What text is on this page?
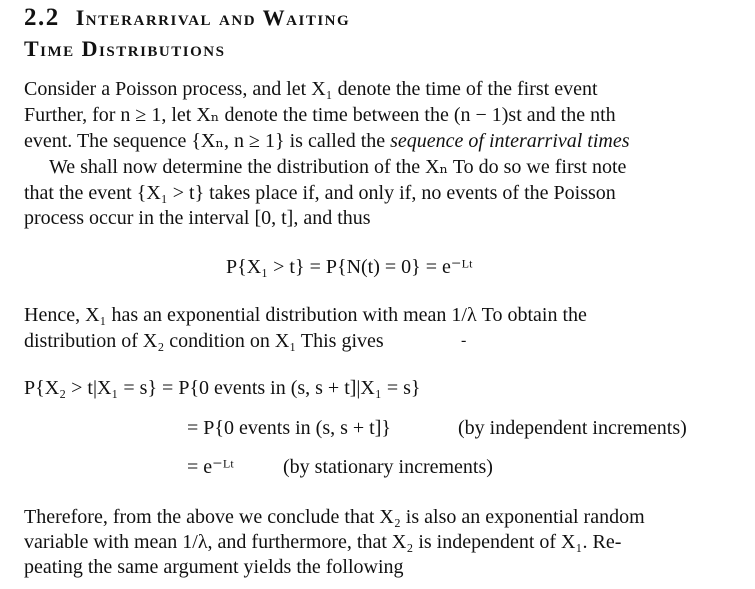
2.2 Interarrival and Waiting
Time Distributions
Consider a Poisson process, and let X₁ denote the time of the first event
Further, for n ≥ 1, let Xₙ denote the time between the (n − 1)st and the nth
event. The sequence {Xₙ, n ≥ 1} is called the sequence of interarrival times
We shall now determine the distribution of the Xₙ To do so we first note
that the event {X₁ > t} takes place if, and only if, no events of the Poisson
process occur in the interval [0, t], and thus
P{X₁ > t} = P{N(t) = 0} = e⁻ᴸᵗ
Hence, X₁ has an exponential distribution with mean 1/λ To obtain the
distribution of X₂ condition on X₁ This gives	-
P{X₂ > t|X₁ = s} = P{0 events in (s, s + t]|X₁ = s}
= P{0 events in (s, s + t]}	(by independent increments)
= e⁻ᴸᵗ (by stationary increments)
Therefore, from the above we conclude that X₂ is also an exponential random
variable with mean 1/λ, and furthermore, that X₂ is independent of X₁. Re-
peating the same argument yields the following
